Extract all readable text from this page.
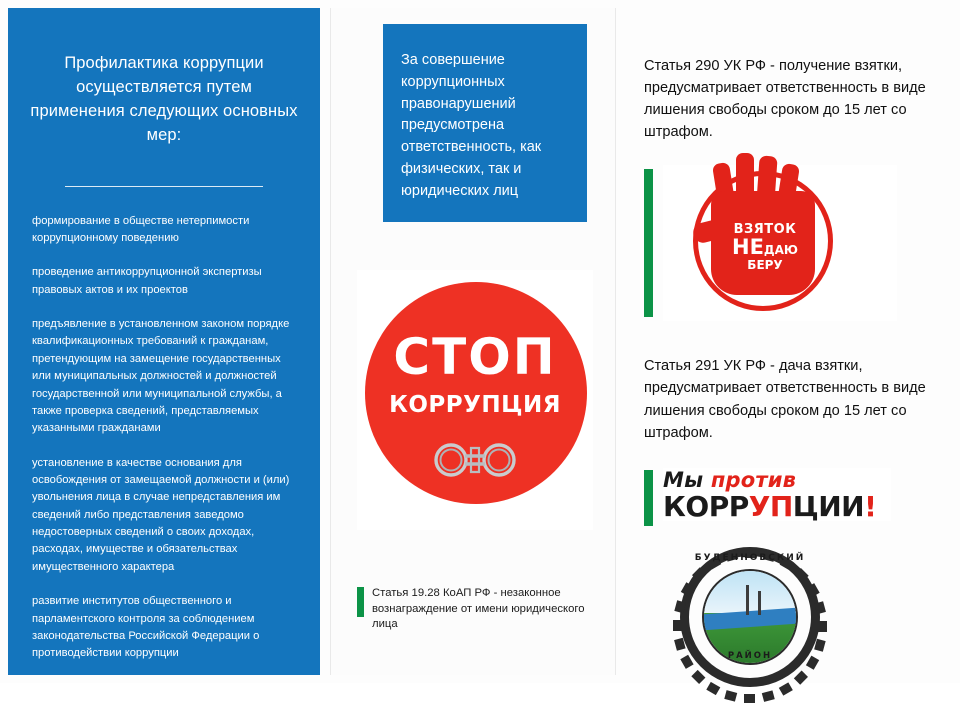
Профилактика коррупции осуществляется путем применения следующих основных мер:
формирование в обществе нетерпимости коррупционному поведению
проведение антикоррупционной экспертизы правовых актов и их проектов
предъявление в установленном законом порядке квалификационных требований к гражданам, претендующим на замещение государственных или муниципальных должностей и должностей государственной или муниципальной службы, а также проверка сведений, представляемых указанными гражданами
установление в качестве основания для освобождения от замещаемой должности и (или) увольнения лица в случае непредставления им сведений либо представления заведомо недостоверных сведений о своих доходах, расходах, имуществе и обязательствах имущественного характера
развитие институтов общественного и парламентского контроля за соблюдением законодательства Российской Федерации о противодействии коррупции
За совершение коррупционных правонарушений предусмотрена ответственность, как физических, так и юридических лиц
СТОП
КОРРУПЦИЯ
Статья 19.28 КоАП РФ - незаконное вознаграждение от имени юридического лица

Статья 290 УК РФ - получение взятки, предусматривает ответственность в виде лишения свободы сроком до 15 лет со штрафом.

ВЗЯТОК
НЕДАЮ
БЕРУ

Статья 291 УК РФ - дача взятки, предусматривает ответственность в виде лишения свободы сроком до 15 лет со штрафом.

Мы против
КОРРУПЦИИ!
БУДЕННОВСКИЙ
РАЙОН
